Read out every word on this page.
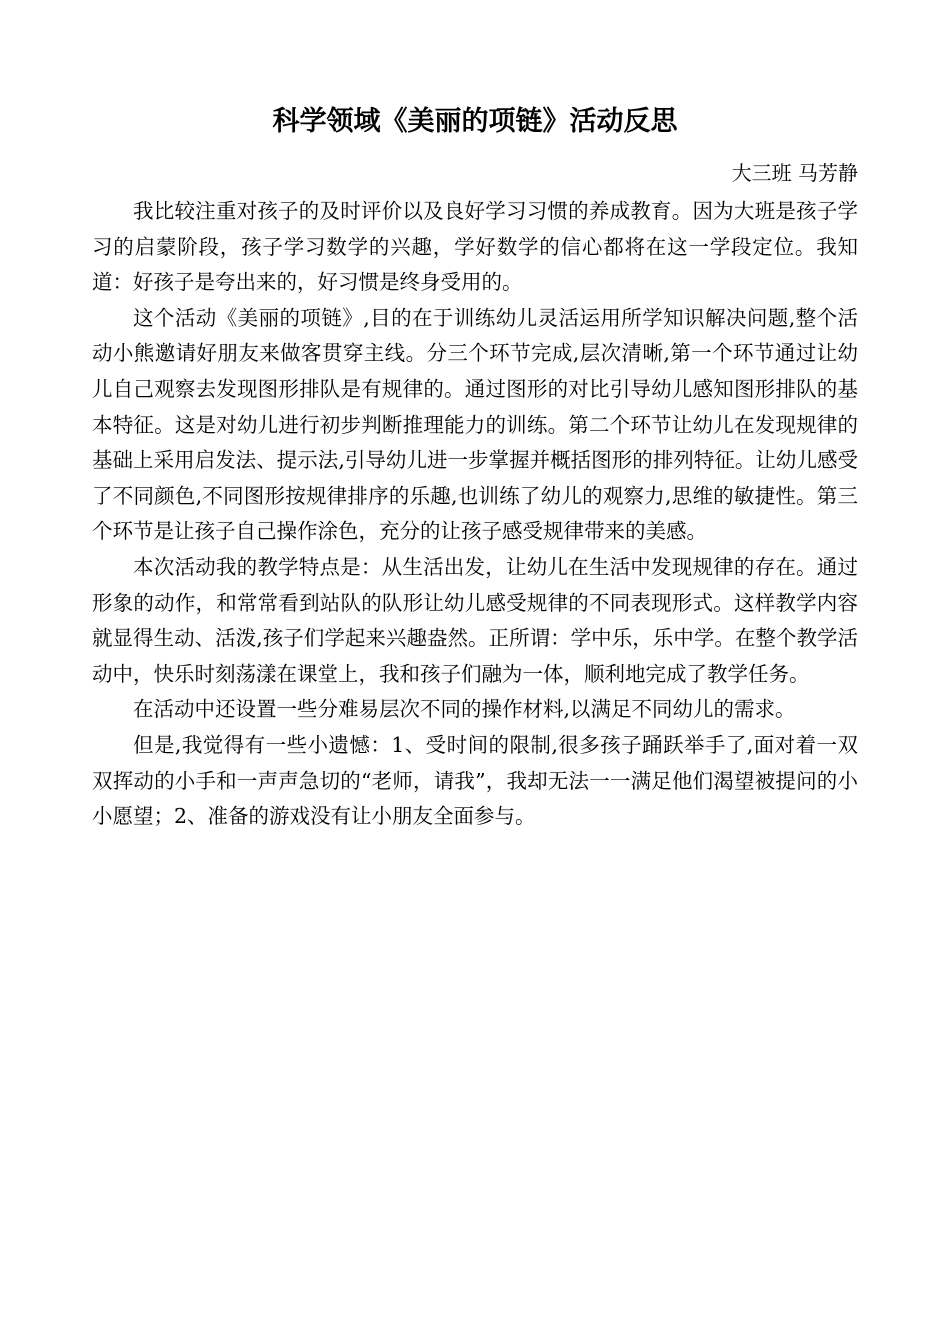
科学领域《美丽的项链》活动反思
大三班 马芳静

我比较注重对孩子的及时评价以及良好学习习惯的养成教育。因为大班是孩子学习的启蒙阶段，孩子学习数学的兴趣，学好数学的信心都将在这一学段定位。我知道：好孩子是夸出来的，好习惯是终身受用的。

这个活动《美丽的项链》,目的在于训练幼儿灵活运用所学知识解决问题,整个活动小熊邀请好朋友来做客贯穿主线。分三个环节完成,层次清晰,第一个环节通过让幼儿自己观察去发现图形排队是有规律的。通过图形的对比引导幼儿感知图形排队的基本特征。这是对幼儿进行初步判断推理能力的训练。第二个环节让幼儿在发现规律的基础上采用启发法、提示法,引导幼儿进一步掌握并概括图形的排列特征。让幼儿感受了不同颜色,不同图形按规律排序的乐趣,也训练了幼儿的观察力,思维的敏捷性。第三个环节是让孩子自己操作涂色，充分的让孩子感受规律带来的美感。

本次活动我的教学特点是：从生活出发，让幼儿在生活中发现规律的存在。通过形象的动作，和常常看到站队的队形让幼儿感受规律的不同表现形式。这样教学内容就显得生动、活泼,孩子们学起来兴趣盎然。正所谓：学中乐，乐中学。在整个教学活动中，快乐时刻荡漾在课堂上，我和孩子们融为一体，顺利地完成了教学任务。

在活动中还设置一些分难易层次不同的操作材料,以满足不同幼儿的需求。

但是,我觉得有一些小遗憾：1、受时间的限制,很多孩子踊跃举手了,面对着一双双挥动的小手和一声声急切的“老师，请我”，我却无法一一满足他们渴望被提问的小小愿望；2、准备的游戏没有让小朋友全面参与。
